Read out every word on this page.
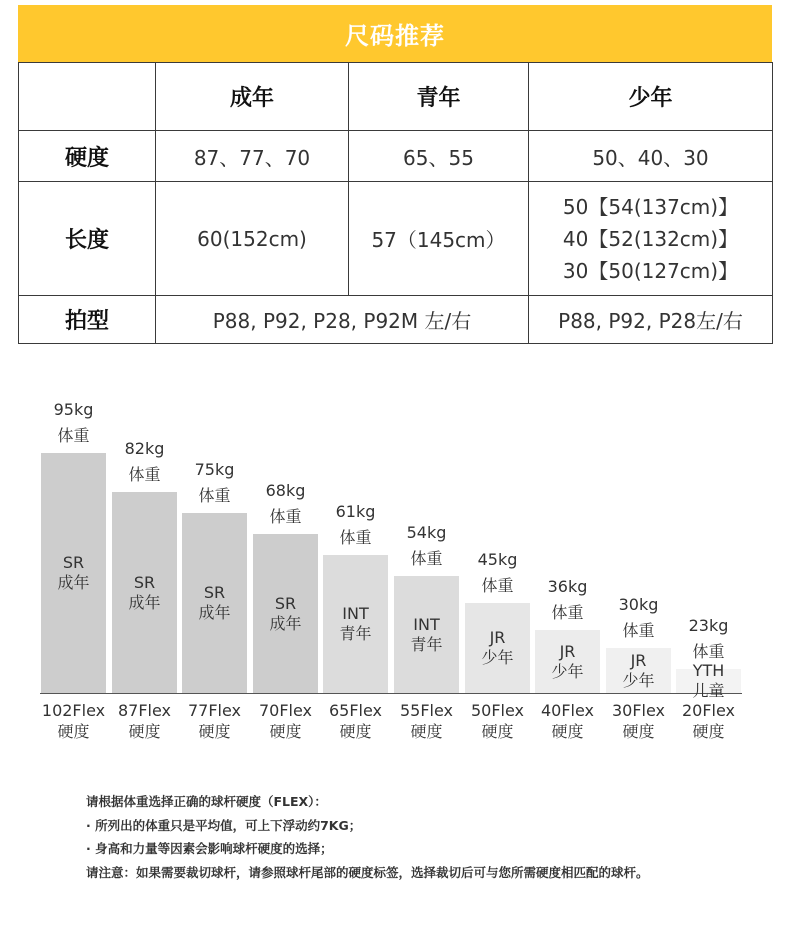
尺码推荐
	成年	青年	少年
硬度	87、77、70	65、55	50、40、30
长度	60(152cm)	57（145cm）	50【54(137cm)】
40【52(132cm)】
30【50(127cm)】

拍型	P88, P92, P28, P92M 左/右		P88, P92, P28左/右
SR
成年
95kg
体重
102Flex
硬度
SR
成年
82kg
体重
87Flex
硬度
SR
成年
75kg
体重
77Flex
硬度
SR
成年
68kg
体重
70Flex
硬度
INT
青年
61kg
体重
65Flex
硬度
INT
青年
54kg
体重
55Flex
硬度
JR
少年
45kg
体重
50Flex
硬度
JR
少年
36kg
体重
40Flex
硬度
JR
少年
30kg
体重
30Flex
硬度
YTH
儿童
23kg
体重
20Flex
硬度
请根据体重选择正确的球杆硬度（FLEX）：
· 所列出的体重只是平均值，可上下浮动约7KG；
· 身高和力量等因素会影响球杆硬度的选择；
请注意：如果需要裁切球杆，请参照球杆尾部的硬度标签，选择裁切后可与您所需硬度相匹配的球杆。
